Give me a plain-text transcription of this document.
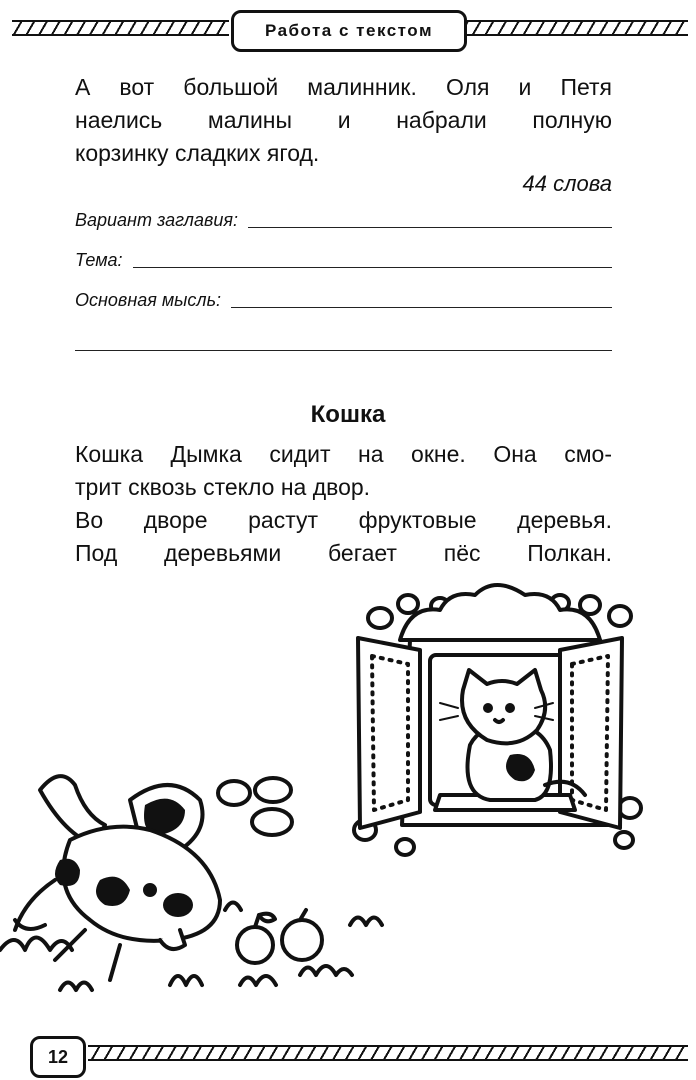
Работа с текстом

А вот большой малинник. Оля и Петя

наелись малины и набрали полную

корзинку сладких ягод.

44 слова
Вариант заглавия:
Тема:
Основная мысль:
Кошка

Кошка Дымка сидит на окне. Она смо-

трит сквозь стекло на двор.

Во дворе растут фруктовые деревья.

Под деревьями бегает пёс Полкан.

12
